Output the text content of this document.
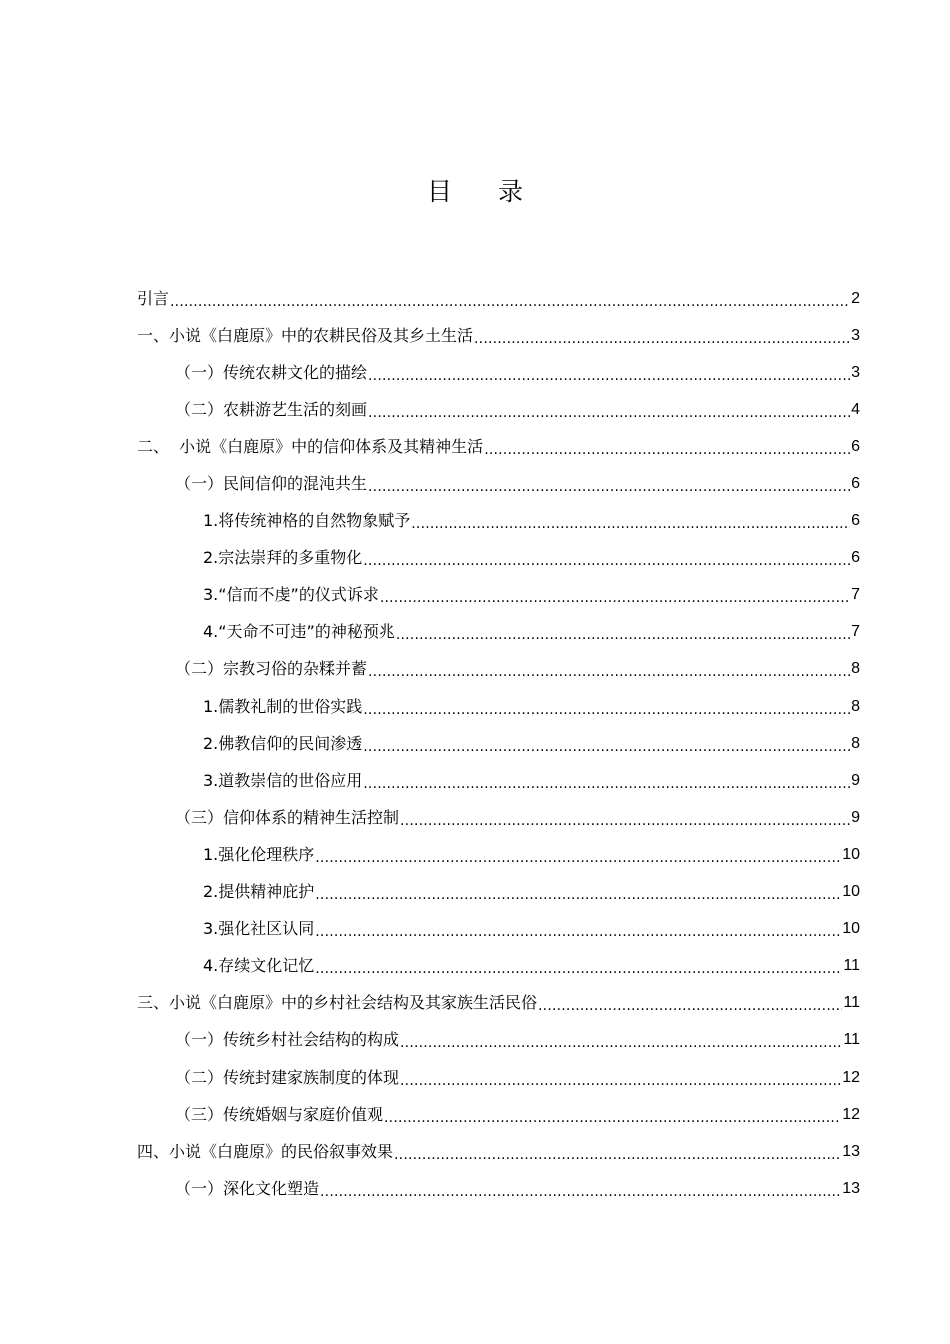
目 录
引言 .....	2
一、小说《白鹿原》中的农耕民俗及其乡土生活 .....	3
（一）传统农耕文化的描绘 .....	3
（二）农耕游艺生活的刻画 .....	4
二、  小说《白鹿原》中的信仰体系及其精神生活 .....	6
（一）民间信仰的混沌共生 .....	6
1.将传统神格的自然物象赋予 .....	6
2.宗法崇拜的多重物化 .....	6
3.“信而不虔”的仪式诉求 .....	7
4.“天命不可违”的神秘预兆 .....	7
（二）宗教习俗的杂糅并蓄 .....	8
1.儒教礼制的世俗实践 .....	8
2.佛教信仰的民间渗透 .....	8
3.道教崇信的世俗应用 .....	9
（三）信仰体系的精神生活控制 .....	9
1.强化伦理秩序 .....	10
2.提供精神庇护 .....	10
3.强化社区认同 .....	10
4.存续文化记忆 .....	11
三、小说《白鹿原》中的乡村社会结构及其家族生活民俗 .....	11
（一）传统乡村社会结构的构成 .....	11
（二）传统封建家族制度的体现 .....	12
（三）传统婚姻与家庭价值观 .....	12
四、小说《白鹿原》的民俗叙事效果 .....	13
（一）深化文化塑造 .....	13
